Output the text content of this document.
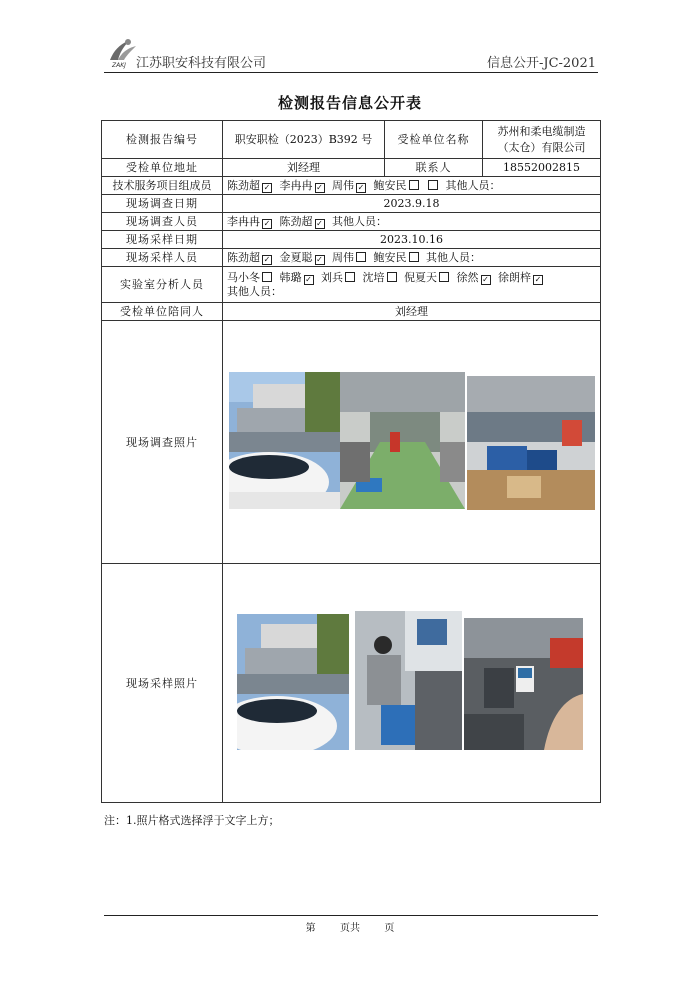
ZAKJ 江苏职安科技有限公司	信息公开-JC-2021
检测报告信息公开表
检测报告编号	职安职检（2023）B392 号	受检单位名称	苏州和柔电缆制造（太仓）有限公司
受检单位地址	刘经理	联系人	18552002815
技术服务项目组成员	陈劲超 ✓ 李冉冉 ✓ 周伟 ✓ 鲍安民 其他人员：		
现场调查日期	2023.9.18		
现场调查人员	李冉冉 ✓ 陈劲超 ✓ 其他人员：		
现场采样日期	2023.10.16		
现场采样人员	陈劲超 ✓ 金夏聪 ✓ 周伟 鲍安民 其他人员：		
实验室分析人员	马小冬 韩璐 ✓ 刘兵 沈培 倪夏天 徐然 ✓ 徐朗梓 ✓
其他人员：		
受检单位陪同人	刘经理		
现场调查照片	

现场采样照片	
注：1.照片格式选择浮于文字上方；
第 页共 页
